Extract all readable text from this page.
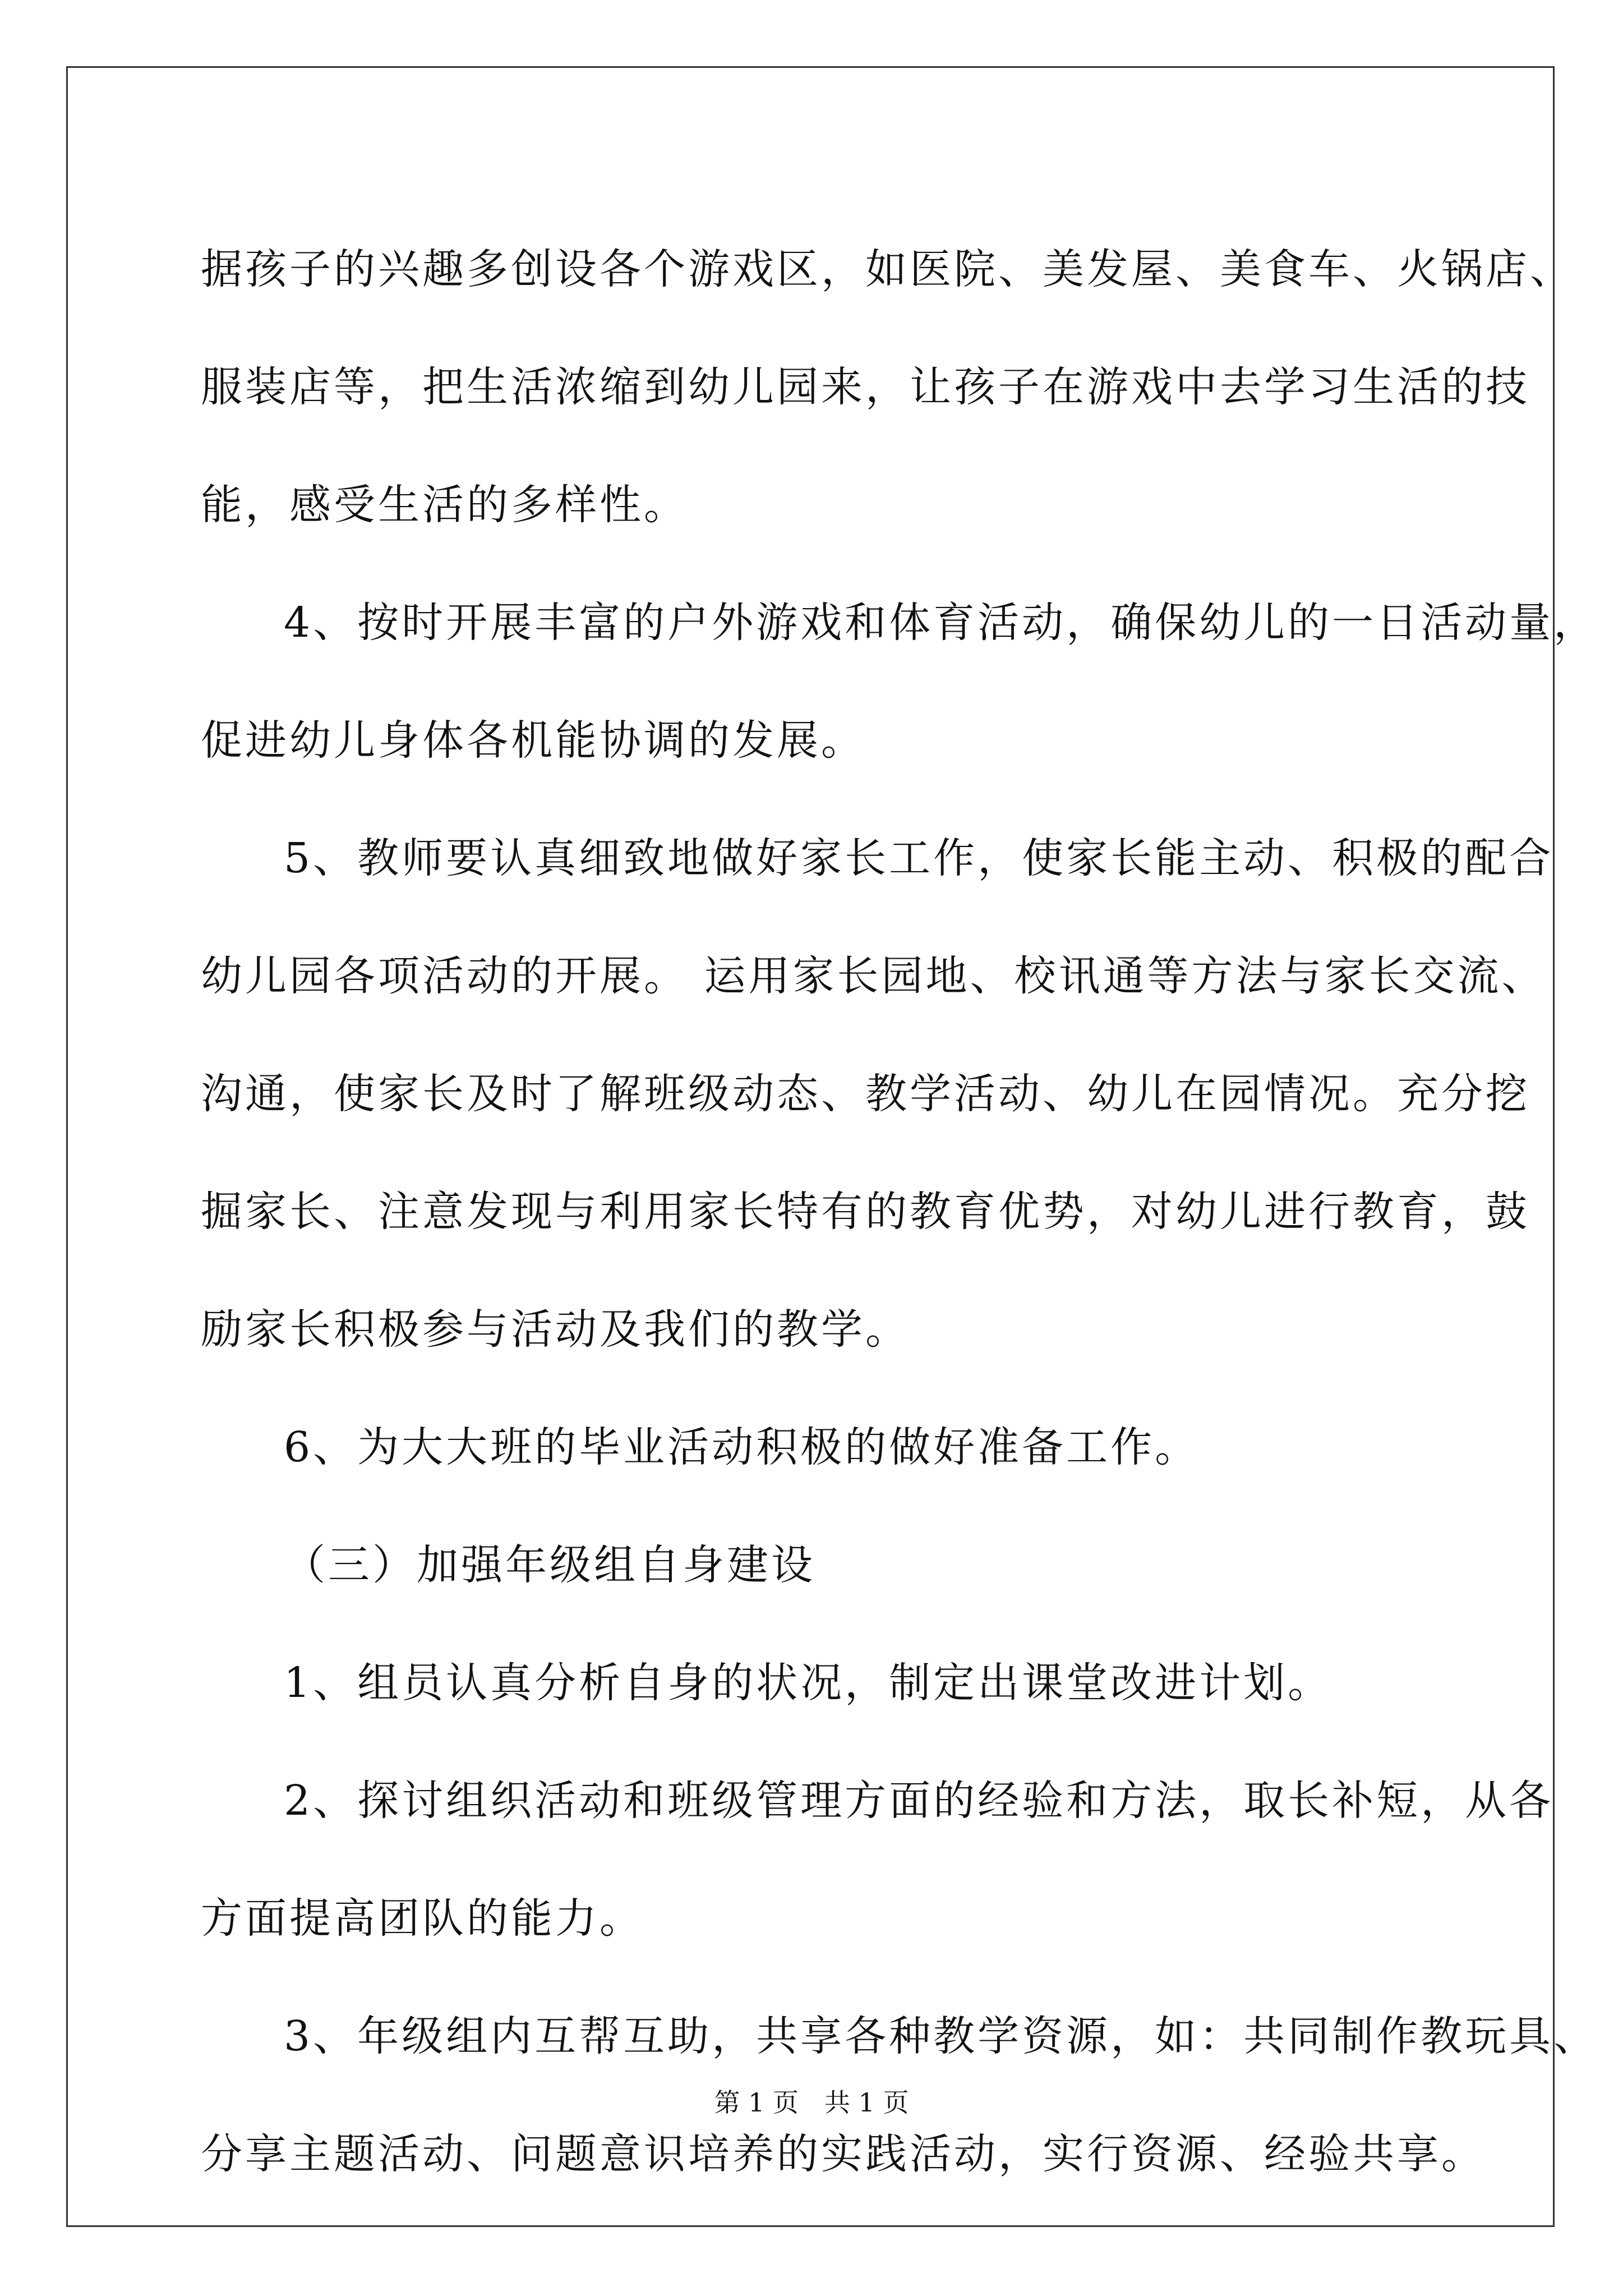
据孩子的兴趣多创设各个游戏区，如医院、美发屋、美食车、火锅店、

服装店等，把生活浓缩到幼儿园来，让孩子在游戏中去学习生活的技

能，感受生活的多样性。

4、按时开展丰富的户外游戏和体育活动，确保幼儿的一日活动量，

促进幼儿身体各机能协调的发展。

5、教师要认真细致地做好家长工作，使家长能主动、积极的配合

幼儿园各项活动的开展。 运用家长园地、校讯通等方法与家长交流、

沟通，使家长及时了解班级动态、教学活动、幼儿在园情况。充分挖

掘家长、注意发现与利用家长特有的教育优势，对幼儿进行教育，鼓

励家长积极参与活动及我们的教学。

6、为大大班的毕业活动积极的做好准备工作。

（三）加强年级组自身建设

1、组员认真分析自身的状况，制定出课堂改进计划。

2、探讨组织活动和班级管理方面的经验和方法，取长补短，从各

方面提高团队的能力。

3、年级组内互帮互助，共享各种教学资源，如：共同制作教玩具、

分享主题活动、问题意识培养的实践活动，实行资源、经验共享。

第 1 页　共 1 页
